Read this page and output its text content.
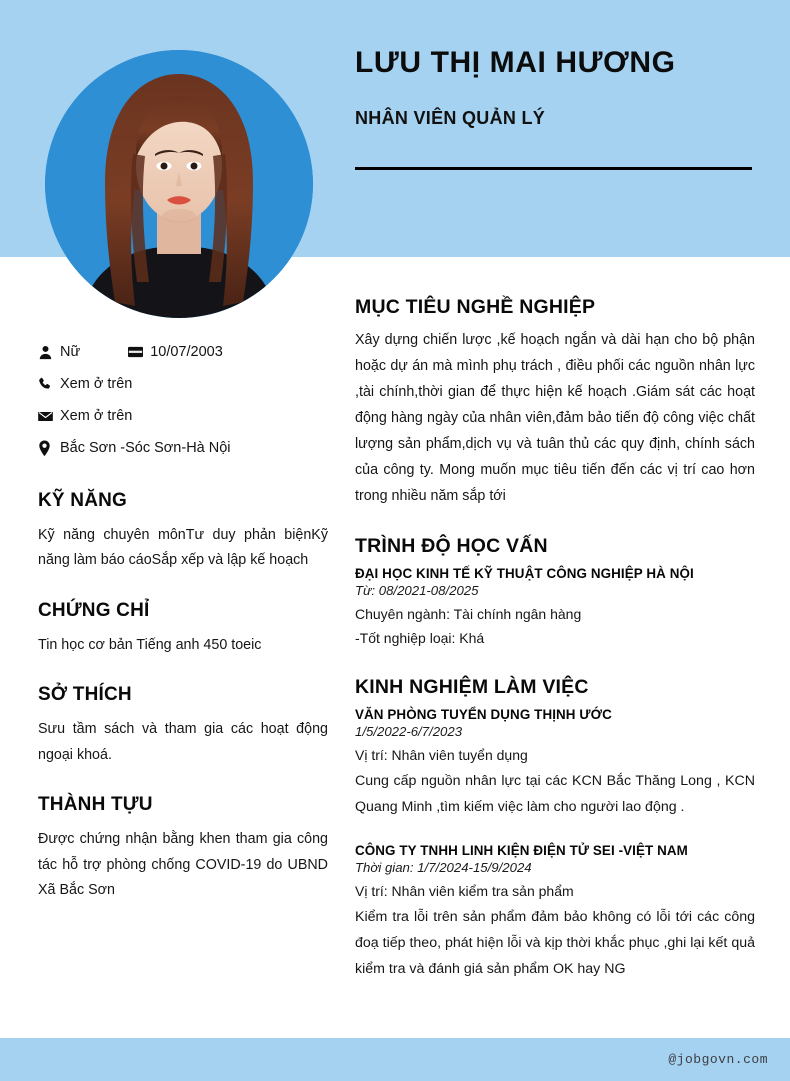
LƯU THỊ MAI HƯƠNG
NHÂN VIÊN QUẢN LÝ
Nữ	10/07/2003
Xem ở trên
Xem ở trên
Bắc Sơn -Sóc Sơn-Hà Nội
KỸ NĂNG

Kỹ năng chuyên mônTư duy phản biệnKỹ năng làm báo cáoSắp xếp và lập kế hoạch

CHỨNG CHỈ

Tin học cơ bản Tiếng anh 450 toeic

SỞ THÍCH

Sưu tầm sách và tham gia các hoạt động ngoại khoá.

THÀNH TỰU

Được chứng nhận bằng khen tham gia công tác hỗ trợ phòng chống COVID-19 do UBND Xã Bắc Sơn

MỤC TIÊU NGHỀ NGHIỆP

Xây dựng chiến lược ,kế hoạch ngắn và dài hạn cho bộ phận hoặc dự án mà mình phụ trách , điều phối các nguồn nhân lực ,tài chính,thời gian để thực hiện kế hoạch .Giám sát các hoạt động hàng ngày của nhân viên,đảm bảo tiến độ công việc chất lượng sản phẩm,dịch vụ và tuân thủ các quy định, chính sách của công ty. Mong muốn mục tiêu tiến đến các vị trí cao hơn trong nhiều năm sắp tới

TRÌNH ĐỘ HỌC VẤN
ĐẠI HỌC KINH TẾ KỸ THUẬT CÔNG NGHIỆP HÀ NỘI
Từ: 08/2021-08/2025
Chuyên ngành: Tài chính ngân hàng
-Tốt nghiệp loại: Khá
KINH NGHIỆM LÀM VIỆC
VĂN PHÒNG TUYỂN DỤNG THỊNH ƯỚC
1/5/2022-6/7/2023
Vị trí: Nhân viên tuyển dụng
Cung cấp nguồn nhân lực tại các KCN Bắc Thăng Long , KCN Quang Minh ,tìm kiếm việc làm cho người lao động .
CÔNG TY TNHH LINH KIỆN ĐIỆN TỬ SEI -VIỆT NAM
Thời gian: 1/7/2024-15/9/2024
Vị trí: Nhân viên kiểm tra sản phẩm
Kiểm tra lỗi trên sản phẩm đảm bảo không có lỗi tới các công đoạ tiếp theo, phát hiện lỗi và kịp thời khắc phục ,ghi lại kết quả kiểm tra và đánh giá sản phẩm OK hay NG
@jobgovn.com
